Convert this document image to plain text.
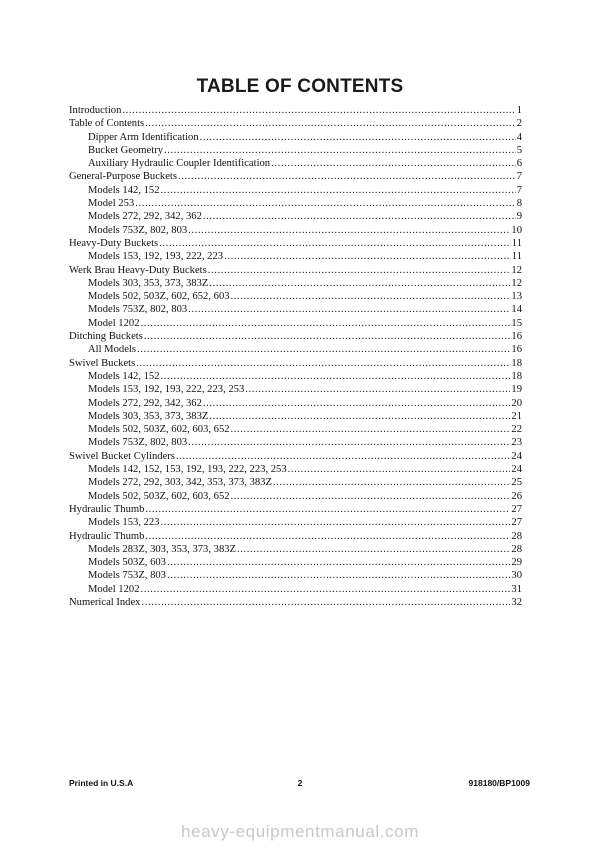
TABLE OF CONTENTS
Introduction .....	1
Table of Contents .....	2
Dipper Arm Identification .....	4
Bucket Geometry .....	5
Auxiliary Hydraulic Coupler Identification .....	6
General-Purpose Buckets .....	7
Models 142, 152 .....	7
Model 253 .....	8
Models 272, 292, 342, 362 .....	9
Models 753Z, 802, 803 .....	10
Heavy-Duty Buckets .....	11
Models 153, 192, 193, 222, 223 .....	11
Werk Brau Heavy-Duty Buckets .....	12
Models 303, 353, 373, 383Z .....	12
Models 502, 503Z, 602, 652, 603 .....	13
Models 753Z, 802, 803 .....	14
Model 1202 .....	15
Ditching Buckets .....	16
All Models .....	16
Swivel Buckets .....	18
Models 142, 152 .....	18
Models 153, 192, 193, 222, 223, 253 .....	19
Models 272, 292, 342, 362 .....	20
Models 303, 353, 373, 383Z .....	21
Models 502, 503Z, 602, 603, 652 .....	22
Models 753Z, 802, 803 .....	23
Swivel Bucket Cylinders .....	24
Models 142, 152, 153, 192, 193, 222, 223, 253 .....	24
Models 272, 292, 303, 342, 353, 373, 383Z .....	25
Models 502, 503Z, 602, 603, 652 .....	26
Hydraulic Thumb .....	27
Models 153, 223 .....	27
Hydraulic Thumb .....	28
Models 283Z, 303, 353, 373, 383Z .....	28
Models 503Z, 603 .....	29
Models 753Z, 803 .....	30
Model 1202 .....	31
Numerical Index .....	32
Printed in U.S.A	2	918180/BP1009
heavy-equipmentmanual.com
